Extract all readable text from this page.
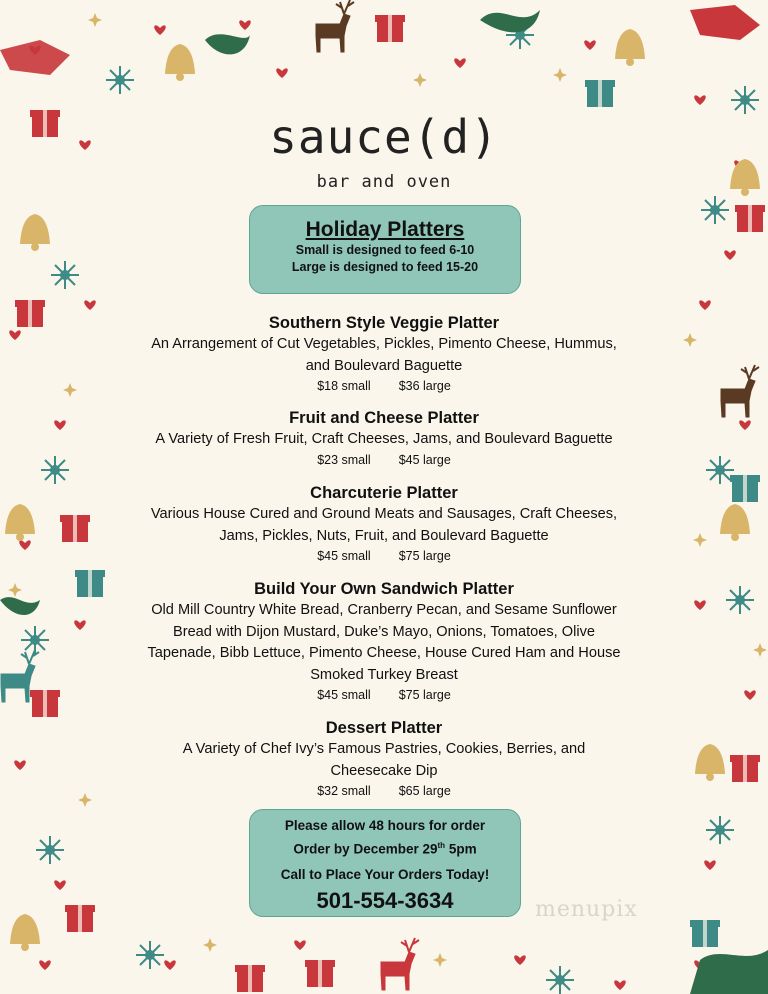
sauce(d)
bar and oven
Holiday Platters
Small is designed to feed 6-10
Large is designed to feed 15-20
Southern Style Veggie Platter
An Arrangement of Cut Vegetables, Pickles, Pimento Cheese, Hummus,
and Boulevard Baguette
$18 small $36 large
Fruit and Cheese Platter
A Variety of Fresh Fruit, Craft Cheeses, Jams, and Boulevard Baguette
$23 small $45 large
Charcuterie Platter
Various House Cured and Ground Meats and Sausages, Craft Cheeses,
Jams, Pickles, Nuts, Fruit, and Boulevard Baguette
$45 small $75 large
Build Your Own Sandwich Platter
Old Mill Country White Bread, Cranberry Pecan, and Sesame Sunflower
Bread with Dijon Mustard, Duke’s Mayo, Onions, Tomatoes, Olive
Tapenade, Bibb Lettuce, Pimento Cheese, House Cured Ham and House
Smoked Turkey Breast
$45 small $75 large
Dessert Platter
A Variety of Chef Ivy’s Famous Pastries, Cookies, Berries, and
Cheesecake Dip
$32 small $65 large
Please allow 48 hours for order
Order by December 29th 5pm
Call to Place Your Orders Today!
501-554-3634	menupix
